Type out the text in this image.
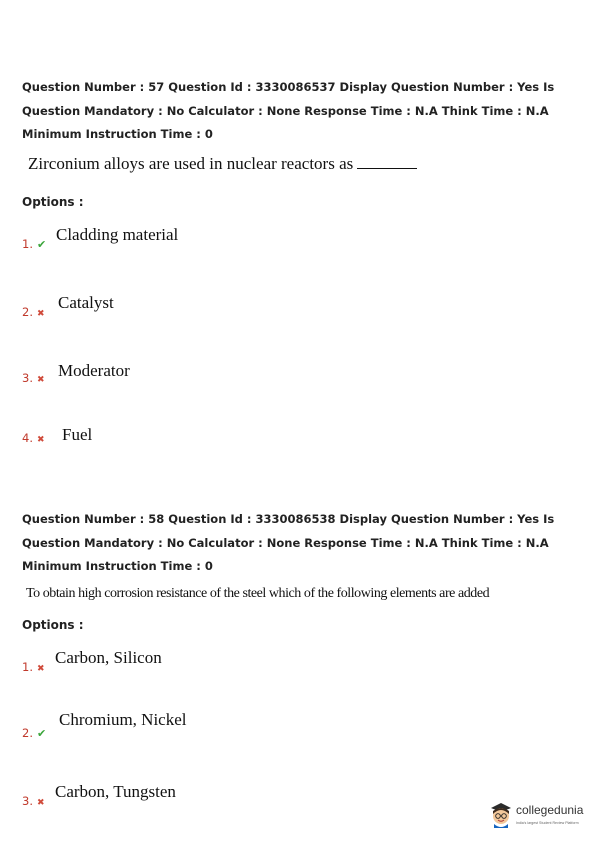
Question Number : 57 Question Id : 3330086537 Display Question Number : Yes Is Question Mandatory : No Calculator : None Response Time : N.A Think Time : N.A Minimum Instruction Time : 0
Zirconium alloys are used in nuclear reactors as
Options :
1. ✔
Cladding material
2. ✖
Catalyst
3. ✖ Moderator
4. ✖ Fuel
Question Number : 58 Question Id : 3330086538 Display Question Number : Yes Is Question Mandatory : No Calculator : None Response Time : N.A Think Time : N.A Minimum Instruction Time : 0
To obtain high corrosion resistance of the steel which of the following elements are added
Options :
1. ✖
Carbon, Silicon
2. ✔
Chromium, Nickel
3. ✖
Carbon, Tungsten
collegedunia
India's largest Student Review Platform
